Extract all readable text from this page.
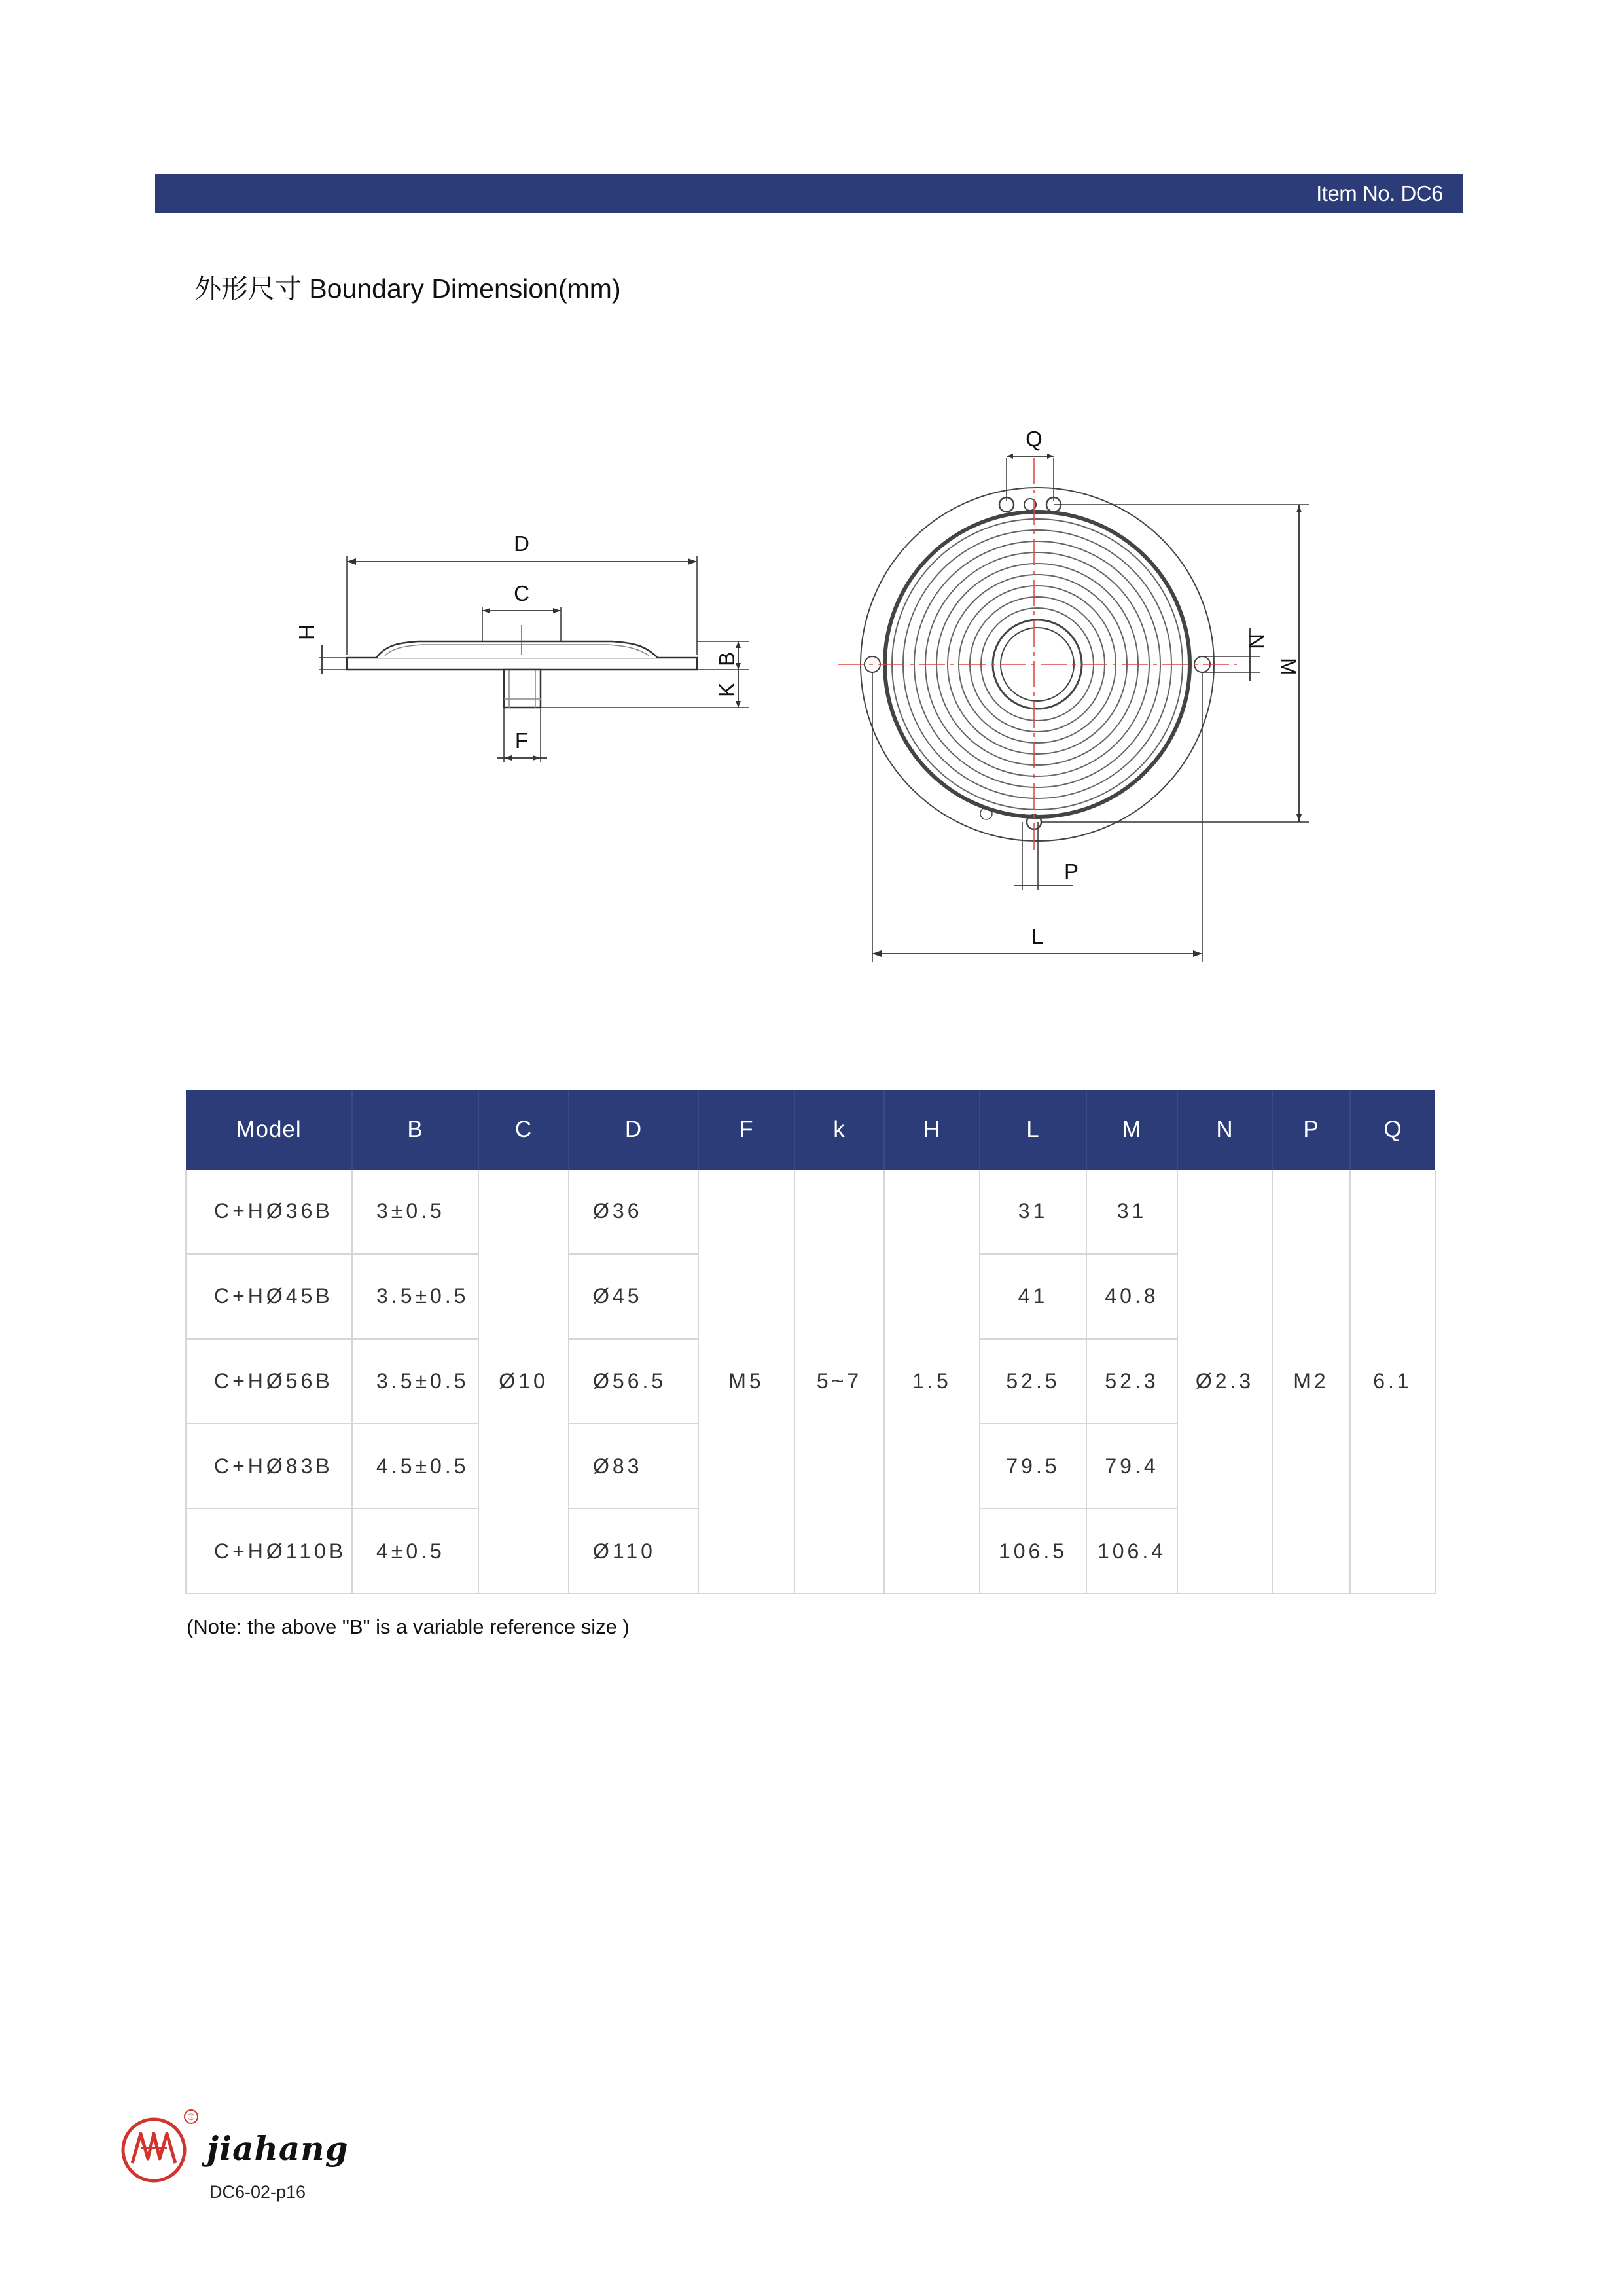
Item No. DC6
外形尺寸 Boundary Dimension(mm)
D
C
F
H
B
K
Q
N
M
P
L
Model	B	C	D	F	k	H	L	M	N	P	Q
C+HØ36B	3±0.5	Ø10	Ø36	M5	5~7	1.5	31	31	Ø2.3	M2	6.1
C+HØ45B	3.5±0.5		Ø45				41	40.8			
C+HØ56B	3.5±0.5		Ø56.5				52.5	52.3			
C+HØ83B	4.5±0.5		Ø83				79.5	79.4			
C+HØ110B	4±0.5		Ø110				106.5	106.4			
(Note: the above "B" is a variable reference size )
®
jiahang
DC6-02-p16
